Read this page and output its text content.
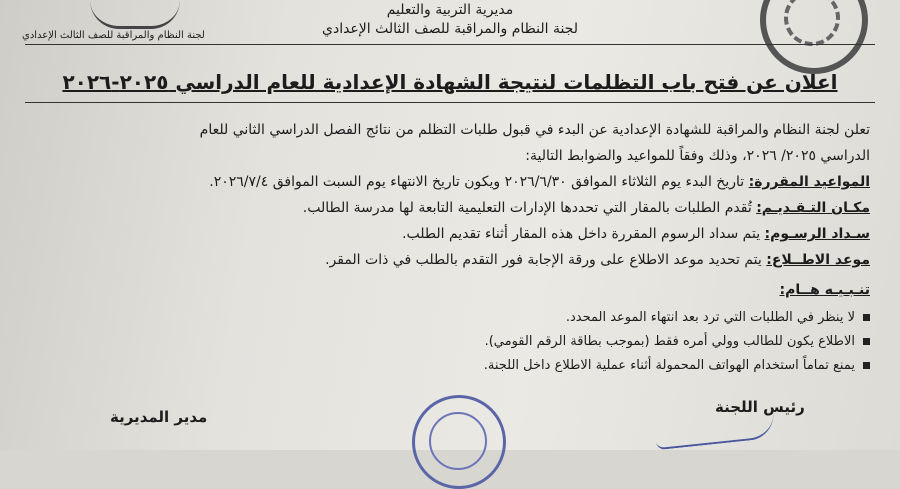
لجنة النظام والمراقبة للصف الثالث الإعدادي
مديرية التربية والتعليم
لجنة النظام والمراقبة للصف الثالث الإعدادي
اعلان عن فتح باب التظلمات لنتيجة الشهادة الإعدادية للعام الدراسي ٢٠٢٥-٢٠٢٦
تعلن لجنة النظام والمراقبة للشهادة الإعدادية عن البدء في قبول طلبات التظلم من نتائج الفصل الدراسي الثاني للعام
الدراسي ٢٠٢٥/ ٢٠٢٦، وذلك وفقاً للمواعيد والضوابط التالية:
المواعيد المقررة: تاريخ البدء يوم الثلاثاء الموافق ٢٠٢٦/٦/٣٠ ويكون تاريخ الانتهاء يوم السبت الموافق ٢٠٢٦/٧/٤.
مكـان التـقـديـم: تُقدم الطلبات بالمقار التي تحددها الإدارات التعليمية التابعة لها مدرسة الطالب.
سـداد الرسـوم: يتم سداد الرسوم المقررة داخل هذه المقار أثناء تقديم الطلب.
موعد الاطــلاع: يتم تحديد موعد الاطلاع على ورقة الإجابة فور التقدم بالطلب في ذات المقر.
تنـبـيـه هــام:
لا ينظر في الطلبات التي ترد بعد انتهاء الموعد المحدد.
الاطلاع يكون للطالب وولي أمره فقط (بموجب بطاقة الرقم القومي).
يمنع تماماً استخدام الهواتف المحمولة أثناء عملية الاطلاع داخل اللجنة.
رئيس اللجنة
مدير المديرية
